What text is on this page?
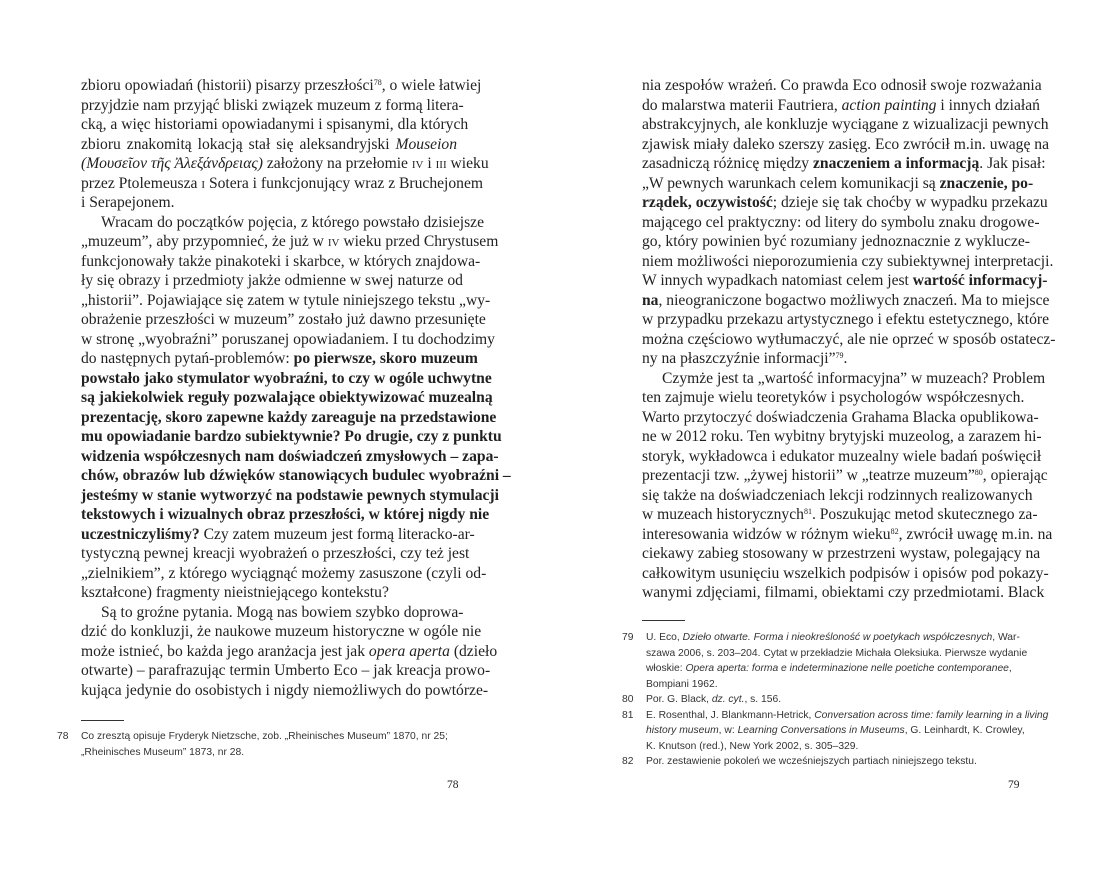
zbioru opowiadań (historii) pisarzy przeszłości$^{78}$, o wiele łatwiej
przyjdzie nam przyjąć bliski związek muzeum z formą litera-
cką, a więc historiami opowiadanymi i spisanymi, dla których
zbioru znakomitą lokacją stał się aleksandryjski Mouseion
(Μουσεῖον τῆς Ἀλεξάνδρειας) założony na przełomie iv i iii wieku
przez Ptolemeusza i Sotera i funkcjonujący wraz z Bruchejonem
i Serapejonem.
Wracam do początków pojęcia, z którego powstało dzisiejsze
„muzeum”, aby przypomnieć, że już w iv wieku przed Chrystusem
funkcjonowały także pinakoteki i skarbce, w których znajdowa-
ły się obrazy i przedmioty jakże odmienne w swej naturze od
„historii”. Pojawiające się zatem w tytule niniejszego tekstu „wy-
obrażenie przeszłości w muzeum” zostało już dawno przesunięte
w stronę „wyobraźni” poruszanej opowiadaniem. I tu dochodzimy
do następnych pytań-problemów: po pierwsze, skoro muzeum
powstało jako stymulator wyobraźni, to czy w ogóle uchwytne
są jakiekolwiek reguły pozwalające obiektywizować muzealną
prezentację, skoro zapewne każdy zareaguje na przedstawione
mu opowiadanie bardzo subiektywnie? Po drugie, czy z punktu
widzenia współczesnych nam doświadczeń zmysłowych – zapa-
chów, obrazów lub dźwięków stanowiących budulec wyobraźni –
jesteśmy w stanie wytworzyć na podstawie pewnych stymulacji
tekstowych i wizualnych obraz przeszłości, w której nigdy nie
uczestniczyliśmy? Czy zatem muzeum jest formą literacko-ar-
tystyczną pewnej kreacji wyobrażeń o przeszłości, czy też jest
„zielnikiem”, z którego wyciągnąć możemy zasuszone (czyli od-
kształcone) fragmenty nieistniejącego kontekstu?
Są to groźne pytania. Mogą nas bowiem szybko doprowa-
dzić do konkluzji, że naukowe muzeum historyczne w ogóle nie
może istnieć, bo każda jego aranżacja jest jak opera aperta (dzieło
otwarte) – parafrazując termin Umberto Eco – jak kreacja prowo-
kująca jedynie do osobistych i nigdy niemożliwych do powtórze-
78 Co zresztą opisuje Fryderyk Nietzsche, zob. „Rheinisches Museum” 1870, nr 25;
„Rheinisches Museum” 1873, nr 28.
78
nia zespołów wrażeń. Co prawda Eco odnosił swoje rozważania
do malarstwa materii Fautriera, action painting i innych działań
abstrakcyjnych, ale konkluzje wyciągane z wizualizacji pewnych
zjawisk miały daleko szerszy zasięg. Eco zwrócił m.in. uwagę na
zasadniczą różnicę między znaczeniem a informacją. Jak pisał:
„W pewnych warunkach celem komunikacji są znaczenie, po-
rządek, oczywistość; dzieje się tak choćby w wypadku przekazu
mającego cel praktyczny: od litery do symbolu znaku drogowe-
go, który powinien być rozumiany jednoznacznie z wykluczе-
niem możliwości nieporozumienia czy subiektywnej interpretacji.
W innych wypadkach natomiast celem jest wartość informacyj-
na, nieograniczone bogactwo możliwych znaczeń. Ma to miejsce
w przypadku przekazu artystycznego i efektu estetycznego, które
można częściowo wytłumaczyć, ale nie oprzeć w sposób ostatecz-
ny na płaszczyźnie informacji”$^{79}$.
Czymże jest ta „wartość informacyjna” w muzeach? Problem
ten zajmuje wielu teoretyków i psychologów współczesnych.
Warto przytoczyć doświadczenia Grahama Blacka opublikowa-
ne w 2012 roku. Ten wybitny brytyjski muzeolog, a zarazem hi-
storyk, wykładowca i edukator muzealny wiele badań poświęcił
prezentacji tzw. „żywej historii” w „teatrze muzeum”$^{80}$, opierając
się także na doświadczeniach lekcji rodzinnych realizowanych
w muzeach historycznych$^{81}$. Poszukując metod skutecznego za-
interesowania widzów w różnym wieku$^{82}$, zwrócił uwagę m.in. na
ciekawy zabieg stosowany w przestrzeni wystaw, polegający na
całkowitym usunięciu wszelkich podpisów i opisów pod pokazy-
wanymi zdjęciami, filmami, obiektami czy przedmiotami. Black
79 U. Eco, Dzieło otwarte. Forma i nieokreśloność w poetykach współczesnych, War-
szawa 2006, s. 203–204. Cytat w przekładzie Michała Oleksiuka. Pierwsze wydanie
włoskie: Opera aperta: forma e indeterminazione nelle poetiche contemporanee,
Bompiani 1962.
80 Por. G. Black, dz. cyt., s. 156.
81 E. Rosenthal, J. Blankmann-Hetrick, Conversation across time: family learning in a living
history museum, w: Learning Conversations in Museums, G. Leinhardt, K. Crowley,
K. Knutson (red.), New York 2002, s. 305–329.
82 Por. zestawienie pokoleń we wcześniejszych partiach niniejszego tekstu.
79
